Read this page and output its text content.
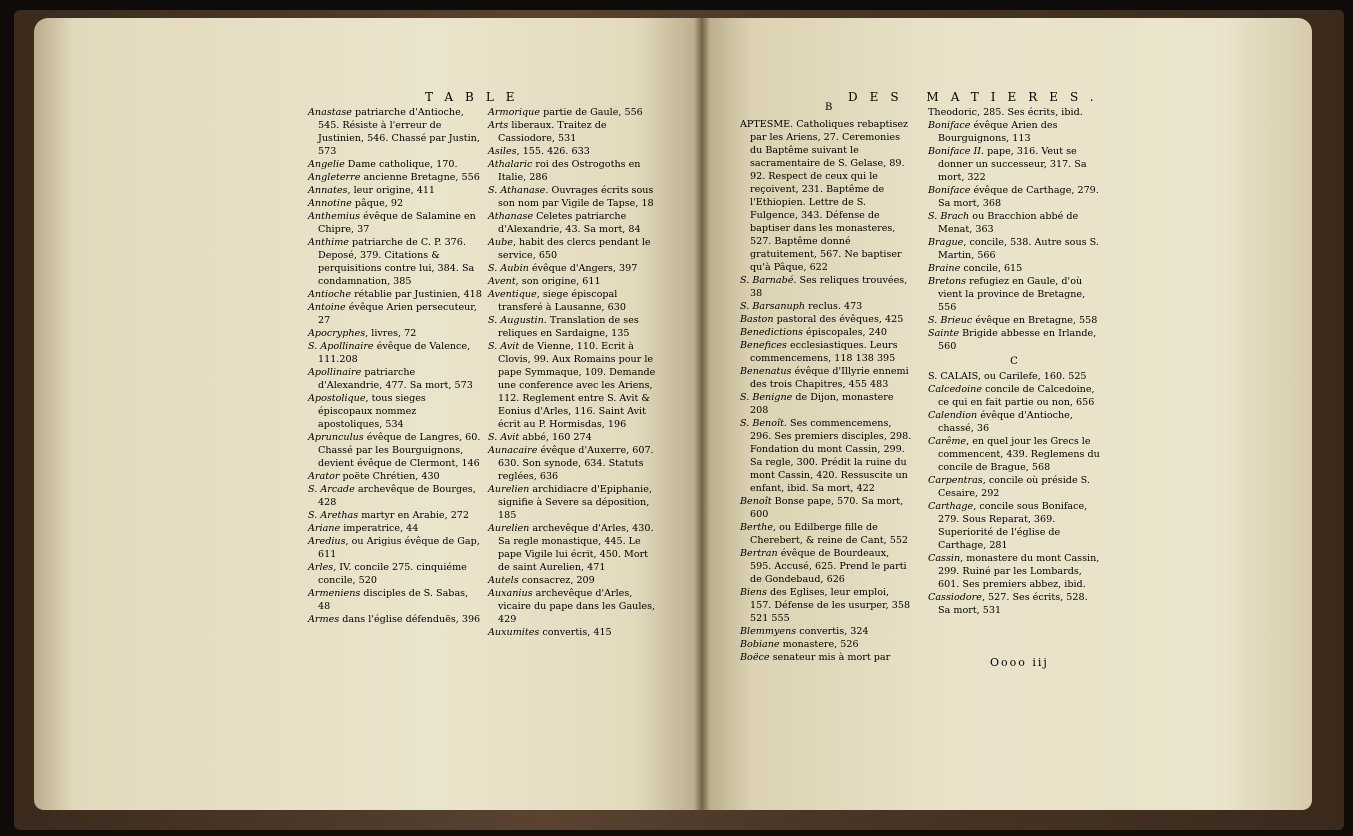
TABLE	DES MATIERES.
B

Anastase patriarche d'Antioche, 545. Résiste à l'erreur de Justinien, 546. Chassé par Justin, 573

Angelie Dame catholique, 170.

Angleterre ancienne Bretagne, 556

Annates, leur origine, 411

Annotine pâque, 92

Anthemius évêque de Salamine en Chipre, 37

Anthime patriarche de C. P. 376. Deposé, 379. Citations & perquisitions contre lui, 384. Sa condamnation, 385

Antioche rétablie par Justinien, 418

Antoine évêque Arien persecuteur, 27

Apocryphes, livres, 72

S. Apollinaire évêque de Valence, 111.208

Apollinaire patriarche d'Alexandrie, 477. Sa mort, 573

Apostolique, tous sieges épiscopaux nommez apostoliques, 534

Aprunculus évêque de Langres, 60. Chassé par les Bourguignons, devient évêque de Clermont, 146

Arator poëte Chrétien, 430

S. Arcade archevêque de Bourges, 428

S. Arethas martyr en Arabie, 272

Ariane imperatrice, 44

Aredius, ou Arigius évêque de Gap, 611

Arles, IV. concile 275. cinquiéme concile, 520

Armeniens disciples de S. Sabas, 48

Armes dans l'église défenduës, 396

Armorique partie de Gaule, 556

Arts liberaux. Traitez de Cassiodore, 531

Asiles, 155. 426. 633

Athalaric roi des Ostrogoths en Italie, 286

S. Athanase. Ouvrages écrits sous son nom par Vigile de Tapse, 18

Athanase Celetes patriarche d'Alexandrie, 43. Sa mort, 84

Aube, habit des clercs pendant le service, 650

S. Aubin évêque d'Angers, 397

Avent, son origine, 611

Aventique, siege épiscopal transferé à Lausanne, 630

S. Augustin. Translation de ses reliques en Sardaigne, 135

S. Avit de Vienne, 110. Ecrit à Clovis, 99. Aux Romains pour le pape Symmaque, 109. Demande une conference avec les Ariens, 112. Reglement entre S. Avit & Eonius d'Arles, 116. Saint Avit écrit au P. Hormisdas, 196

S. Avit abbé, 160 274

Aunacaire évêque d'Auxerre, 607. 630. Son synode, 634. Statuts reglées, 636

Aurelien archidiacre d'Epiphanie, signifie à Severe sa déposition, 185

Aurelien archevêque d'Arles, 430. Sa regle monastique, 445. Le pape Vigile lui écrit, 450. Mort de saint Aurelien, 471

Autels consacrez, 209

Auxanius archevêque d'Arles, vicaire du pape dans les Gaules, 429

Auxumites convertis, 415

APTESME. Catholiques rebaptisez par les Ariens, 27. Ceremonies du Baptême suivant le sacramentaire de S. Gelase, 89. 92. Respect de ceux qui le reçoivent, 231. Baptême de l'Ethiopien. Lettre de S. Fulgence, 343. Défense de baptiser dans les monasteres, 527. Baptême donné gratuitement, 567. Ne baptiser qu'à Pâque, 622

S. Barnabé. Ses reliques trouvées, 38

S. Barsanuph reclus. 473

Baston pastoral des évêques, 425

Benedictions épiscopales, 240

Benefices ecclesiastiques. Leurs commencemens, 118 138 395

Benenatus évêque d'Illyrie ennemi des trois Chapitres, 455 483

S. Benigne de Dijon, monastere 208

S. Benoît. Ses commencemens, 296. Ses premiers disciples, 298. Fondation du mont Cassin, 299. Sa regle, 300. Prédit la ruine du mont Cassin, 420. Ressuscite un enfant, ibid. Sa mort, 422

Benoît Bonse pape, 570. Sa mort, 600

Berthe, ou Edilberge fille de Cherebert, & reine de Cant, 552

Bertran évêque de Bourdeaux, 595. Accusé, 625. Prend le parti de Gondebaud, 626

Biens des Eglises, leur emploi, 157. Défense de les usurper, 358 521 555

Blemmyens convertis, 324

Bobiane monastere, 526

Boëce senateur mis à mort par

Theodoric, 285. Ses écrits, ibid.

Boniface évêque Arien des Bourguignons, 113

Boniface II. pape, 316. Veut se donner un successeur, 317. Sa mort, 322

Boniface évêque de Carthage, 279. Sa mort, 368

S. Brach ou Bracchion abbé de Menat, 363

Brague, concile, 538. Autre sous S. Martin, 566

Braine concile, 615

Bretons refugiez en Gaule, d'où vient la province de Bretagne, 556

S. Brieuc évêque en Bretagne, 558

Sainte Brigide abbesse en Irlande, 560

C

S. CALAIS, ou Carilefe, 160. 525

Calcedoine concile de Calcedoine, ce qui en fait partie ou non, 656

Calendion évêque d'Antioche, chassé, 36

Carême, en quel jour les Grecs le commencent, 439. Reglemens du concile de Brague, 568

Carpentras, concile où préside S. Cesaire, 292

Carthage, concile sous Boniface, 279. Sous Reparat, 369. Superiorité de l'église de Carthage, 281

Cassin, monastere du mont Cassin, 299. Ruiné par les Lombards, 601. Ses premiers abbez, ibid.

Cassiodore, 527. Ses écrits, 528. Sa mort, 531

Oooo iij
